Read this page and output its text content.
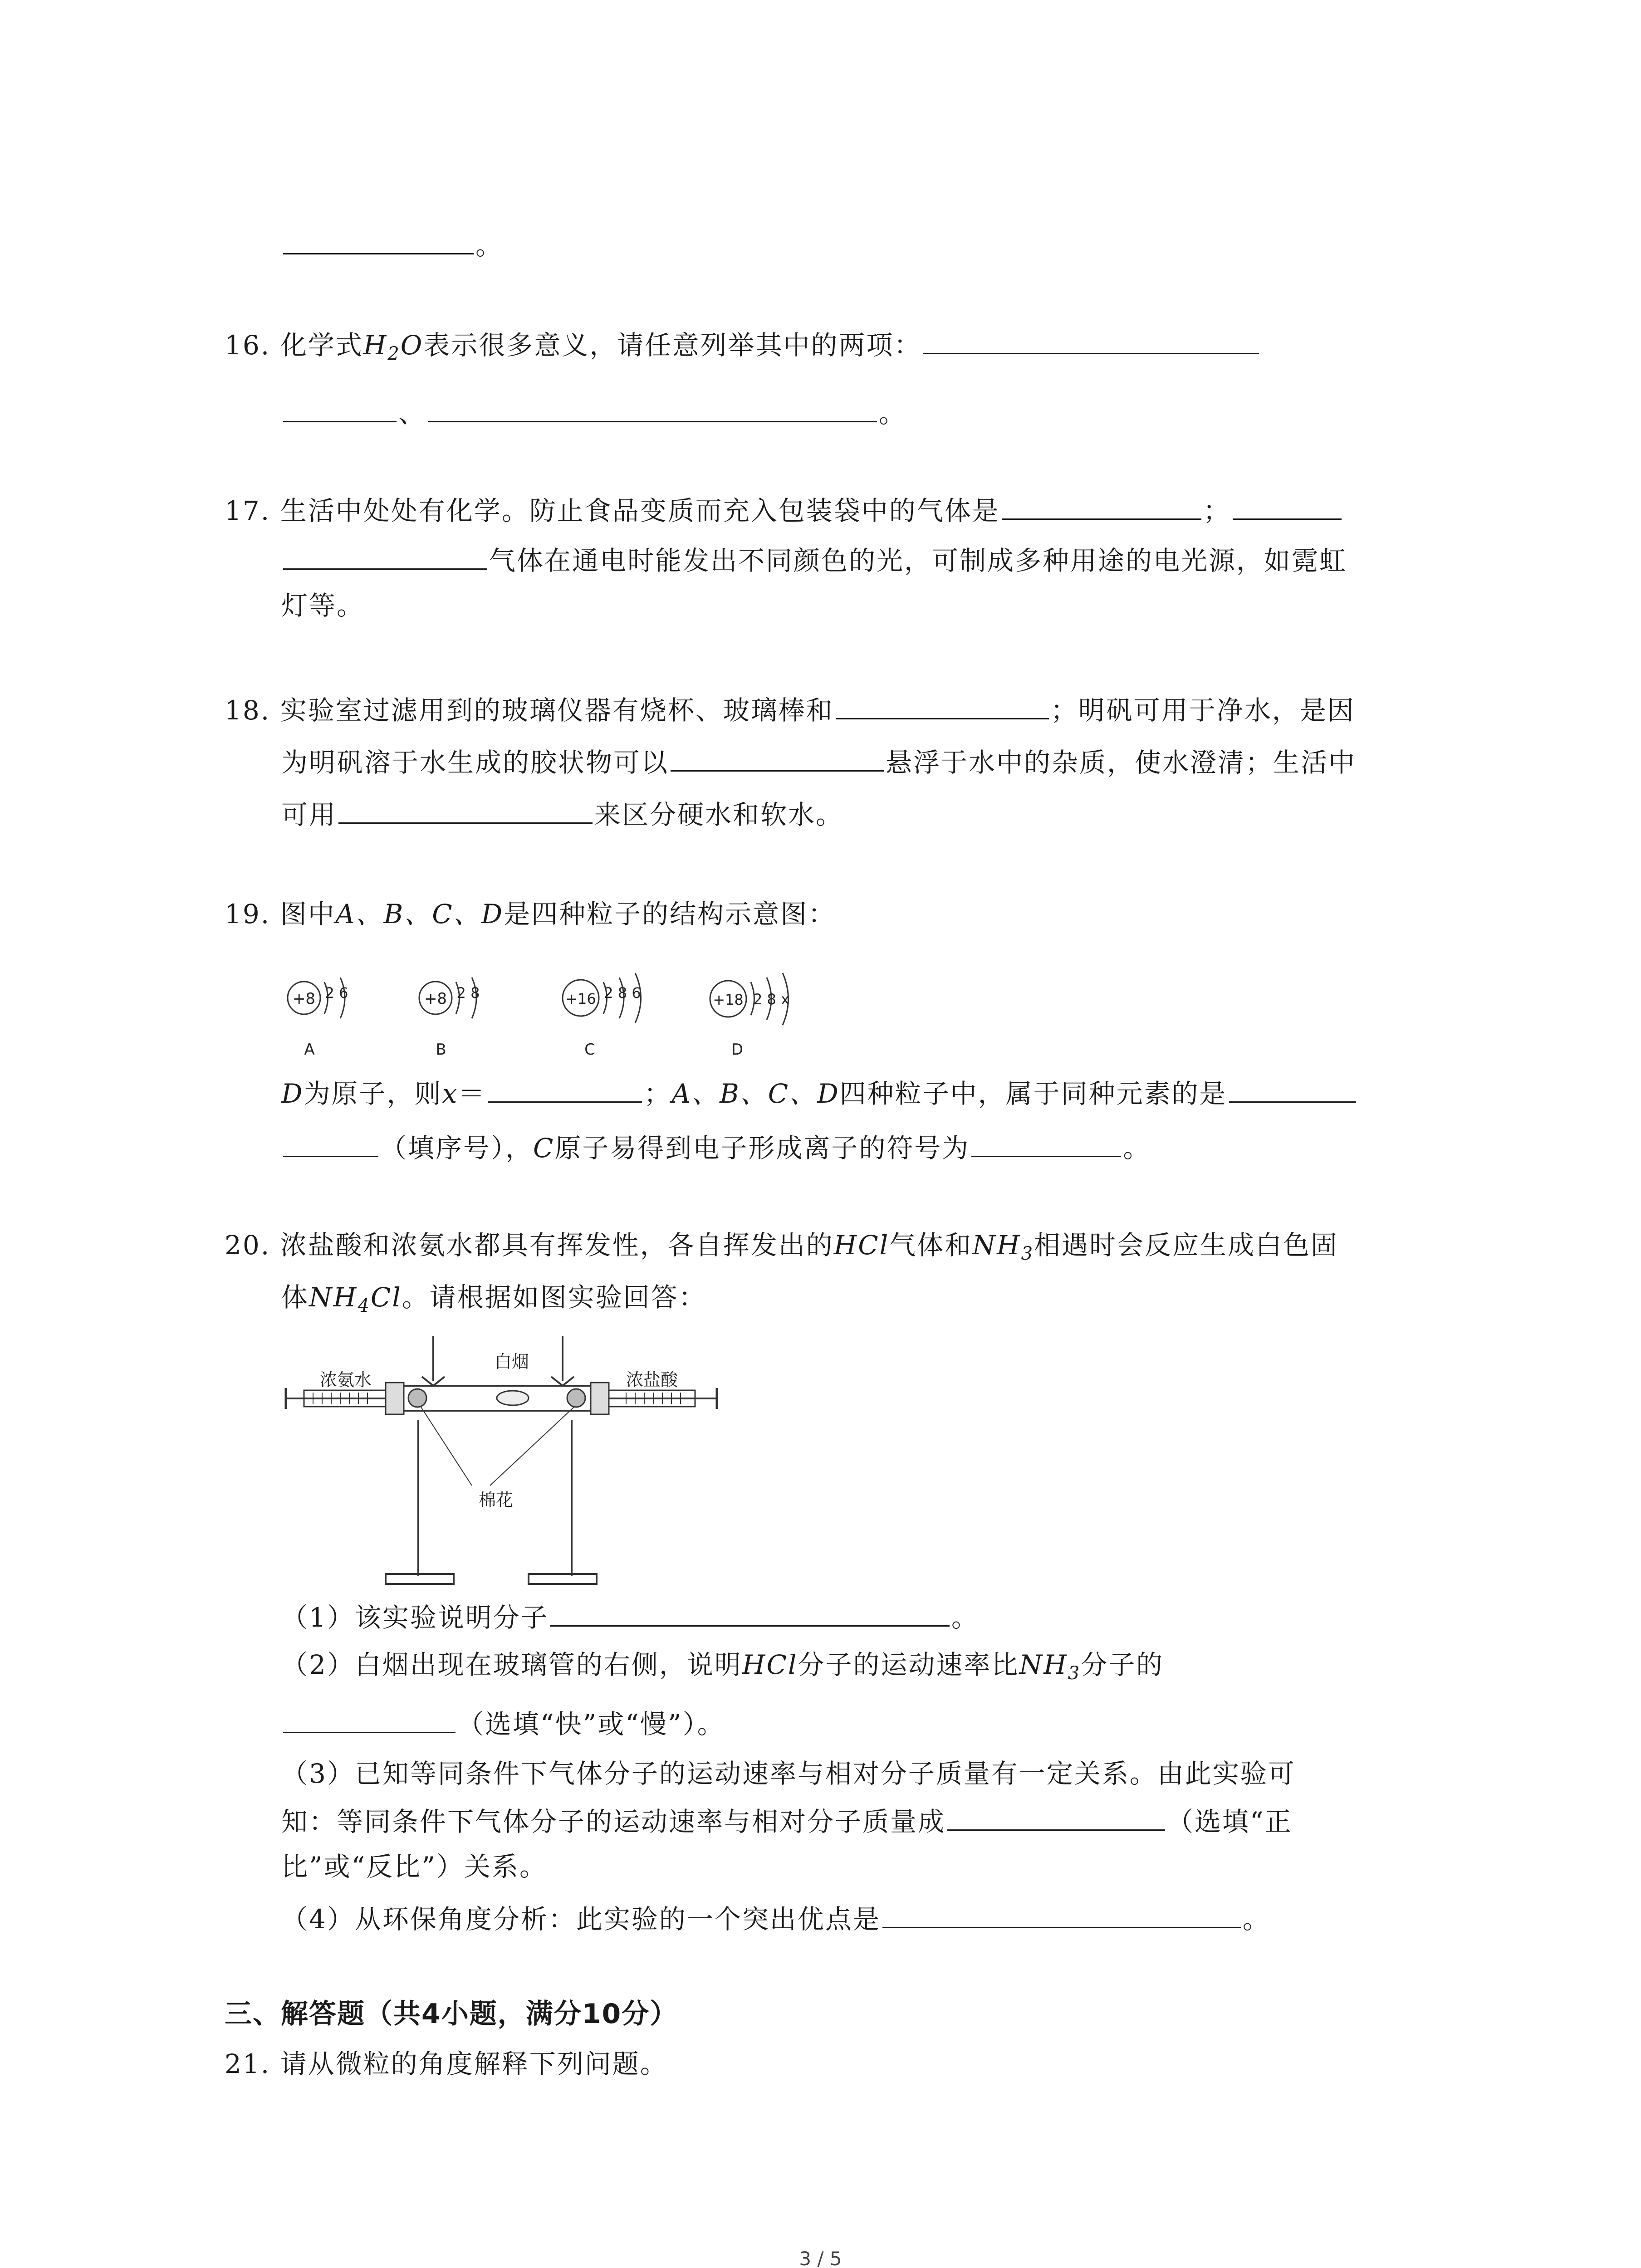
。
16. 化学式$H_2O$表示很多意义，请任意列举其中的两项：
、	。
17. 生活中处处有化学。防止食品变质而充入包装袋中的气体是	；
气体在通电时能发出不同颜色的光，可制成多种用途的电光源，如霓虹
灯等。
18. 实验室过滤用到的玻璃仪器有烧杯、玻璃棒和	；明矾可用于净水，是因
为明矾溶于水生成的胶状物可以	悬浮于水中的杂质，使水澄清；生活中
可用	来区分硬水和软水。
19. 图中A、B、C、D是四种粒子的结构示意图：
+8 2 6
A
+8 2 8
B
+16 2 8 6
C
+18 2 8 x
D
D为原子，则x＝	；A、B、C、D四种粒子中，属于同种元素的是
（填序号），C原子易得到电子形成离子的符号为	。
20. 浓盐酸和浓氨水都具有挥发性，各自挥发出的HCl气体和$NH_3$相遇时会反应生成白色固
体$NH_4Cl$。请根据如图实验回答：
浓氨水
白烟
浓盐酸
棉花
（1）该实验说明分子	。
（2）白烟出现在玻璃管的右侧，说明HCl分子的运动速率比$NH_3$分子的
（选填“快”或“慢”）。
（3）已知等同条件下气体分子的运动速率与相对分子质量有一定关系。由此实验可
知：等同条件下气体分子的运动速率与相对分子质量成	（选填“正
比”或“反比”）关系。
（4）从环保角度分析：此实验的一个突出优点是	。
三、解答题（共4小题，满分10分）
21. 请从微粒的角度解释下列问题。
3 / 5
